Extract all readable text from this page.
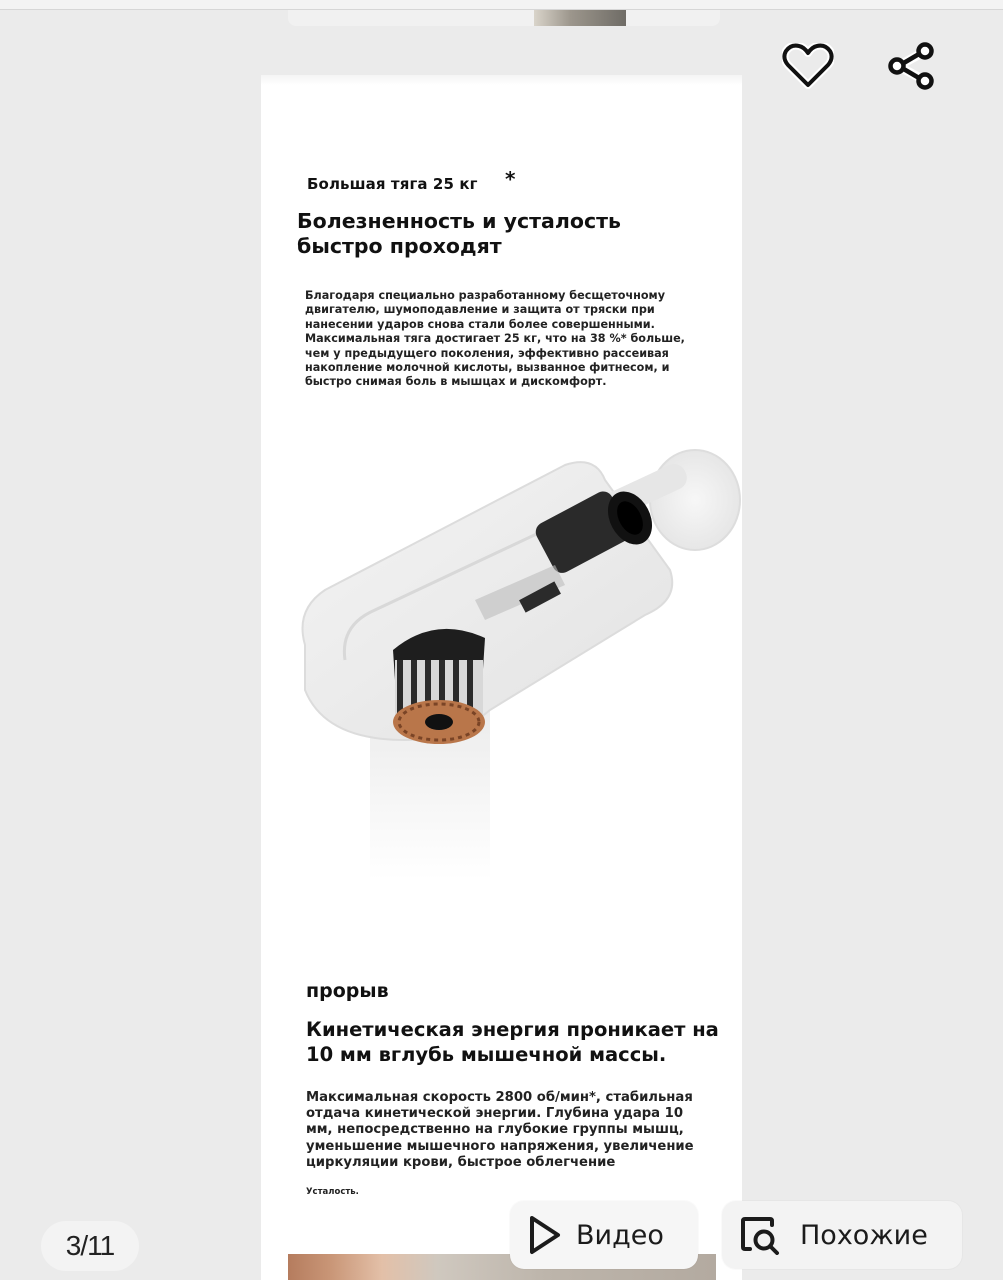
Большая тяга 25 кг *
Болезненность и усталость быстро проходят
Благодаря специально разработанному бесщеточному двигателю, шумоподавление и защита от тряски при нанесении ударов снова стали более совершенными. Максимальная тяга достигает 25 кг, что на 38 %* больше, чем у предыдущего поколения, эффективно рассеивая накопление молочной кислоты, вызванное фитнесом, и быстро снимая боль в мышцах и дискомфорт.
прорыв
Кинетическая энергия проникает на 10 мм вглубь мышечной массы.
Максимальная скорость 2800 об/мин*, стабильная отдача кинетической энергии. Глубина удара 10 мм, непосредственно на глубокие группы мышц, уменьшение мышечного напряжения, увеличение циркуляции крови, быстрое облегчение
Усталость.
3/11	Видео	Похожие
